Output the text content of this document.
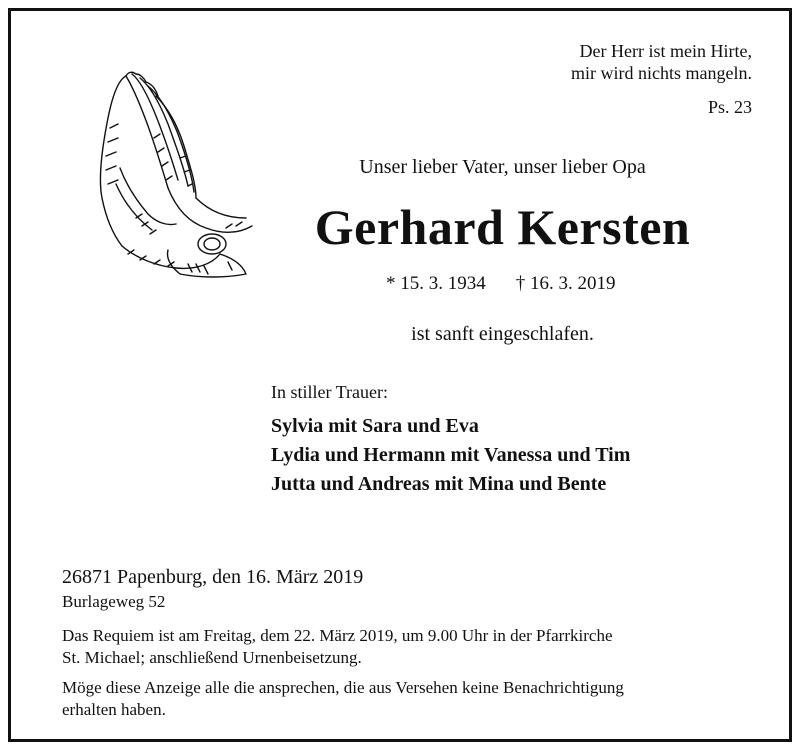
Der Herr ist mein Hirte,
mir wird nichts mangeln.
Ps. 23
Unser lieber Vater, unser lieber Opa
Gerhard Kersten
* 15. 3. 1934 † 16. 3. 2019
ist sanft eingeschlafen.
In stiller Trauer:
Sylvia mit Sara und Eva
Lydia und Hermann mit Vanessa und Tim
Jutta und Andreas mit Mina und Bente
26871 Papenburg, den 16. März 2019
Burlageweg 52
Das Requiem ist am Freitag, dem 22. März 2019, um 9.00 Uhr in der Pfarrkirche
St. Michael; anschließend Urnenbeisetzung.
Möge diese Anzeige alle die ansprechen, die aus Versehen keine Benachrichtigung
erhalten haben.
